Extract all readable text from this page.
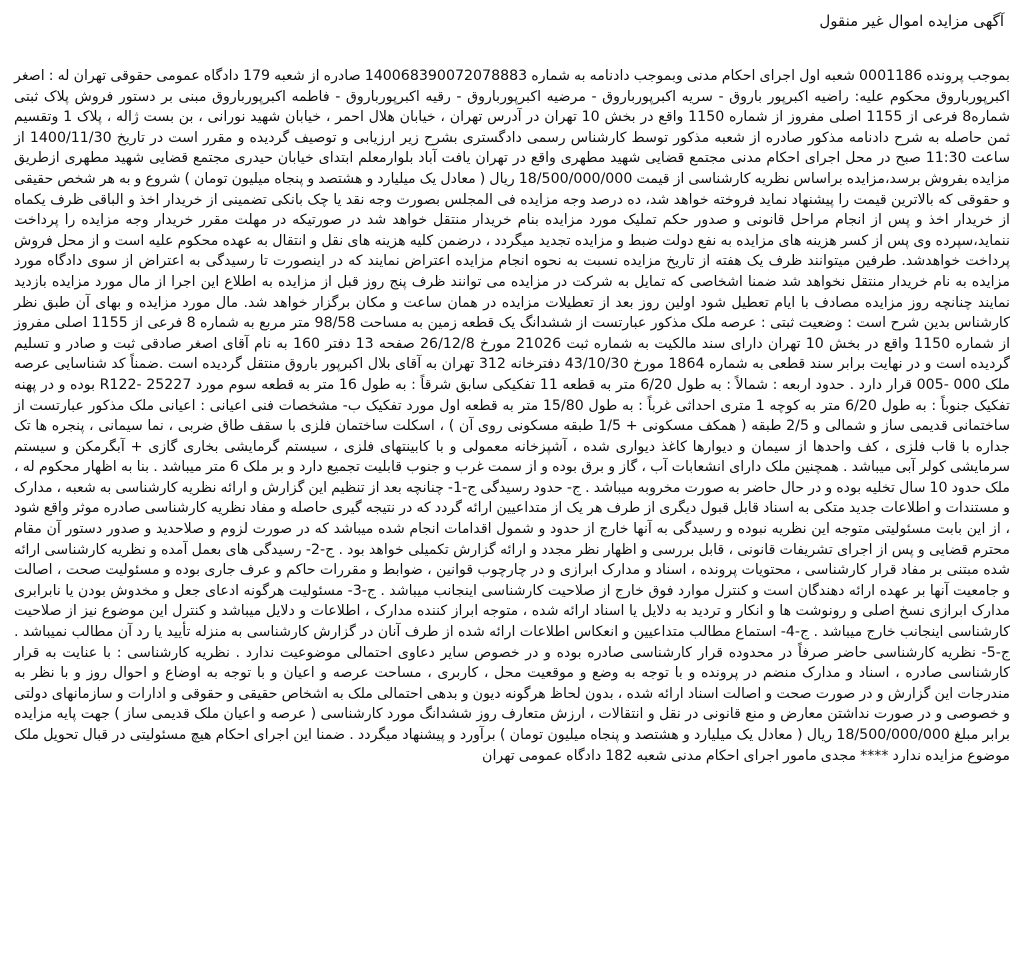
آگهی مزایده اموال غیر منقول

بموجب پرونده 0001186 شعبه اول اجرای احکام مدنی وبموجب دادنامه به شماره 140068390072078883 صادره از شعبه 179 دادگاه عمومی حقوقی تهران له : اصغر اکبرپورباروق محکوم علیه: راضیه اکبرپور باروق - سریه اکبرپورباروق - مرضیه اکبرپورباروق - رقیه اکبرپورباروق - فاطمه اکبرپورباروق مبنی بر دستور فروش پلاک ثبتی شماره8 فرعی از 1155 اصلی مفروز از شماره 1150 واقع در بخش 10 تهران در آدرس تهران ، خیابان هلال احمر ، خیابان شهید نورانی ، بن بست ژاله ، پلاک 1 وتقسیم ثمن حاصله به شرح دادنامه مذکور صادره از شعبه مذکور توسط کارشناس رسمی دادگستری بشرح زیر ارزیابی و توصیف گردیده و مقرر است در تاریخ 1400/11/30 از ساعت 11:30 صبح در محل اجرای احکام مدنی مجتمع قضایی شهید مطهری واقع در تهران یافت آباد بلوارمعلم ابتدای خیابان حیدری مجتمع قضایی شهید مطهری ازطریق مزایده بفروش برسد،مزایده براساس نظریه کارشناسی از قیمت 18/500/000/000 ریال ( معادل یک میلیارد و هشتصد و پنجاه میلیون تومان ) شروع و به هر شخص حقیقی و حقوقی که بالاترین قیمت را پیشنهاد نماید فروخته خواهد شد، ده درصد وجه مزایده فی المجلس بصورت وجه نقد یا چک بانکی تضمینی از خریدار اخذ و الباقی ظرف یکماه از خریدار اخذ و پس از انجام مراحل قانونی و صدور حکم تملیک مورد مزایده بنام خریدار منتقل خواهد شد در صورتیکه در مهلت مقرر خریدار وجه مزایده را پرداخت ننماید،سپرده وی پس از کسر هزینه های مزایده به نفع دولت ضبط و مزایده تجدید میگردد ، درضمن کلیه هزینه های نقل و انتقال به عهده محکوم علیه است و از محل فروش پرداخت خواهدشد. طرفین میتوانند ظرف یک هفته از تاریخ مزایده نسبت به نحوه انجام مزایده اعتراض نمایند که در اینصورت تا رسیدگی به اعتراض از سوی دادگاه مورد مزایده به نام خریدار منتقل نخواهد شد ضمنا اشخاصی که تمایل به شرکت در مزایده می توانند ظرف پنج روز قبل از مزایده به اطلاع این اجرا از مال مورد مزایده بازدید نمایند چنانچه روز مزایده مصادف با ایام تعطیل شود اولین روز بعد از تعطیلات مزایده در همان ساعت و مکان برگزار خواهد شد. مال مورد مزایده و بهای آن طبق نظر کارشناس بدین شرح است : وضعیت ثبتی : عرصه ملک مذکور عبارتست از ششدانگ یک قطعه زمین به مساحت 98/58 متر مربع به شماره 8 فرعی از 1155 اصلی مفروز از شماره 1150 واقع در بخش 10 تهران دارای سند مالکیت به شماره ثبت 21026 مورخ 26/12/8 صفحه 13 دفتر 160 به نام آقای اصغر صادقی ثبت و صادر و تسلیم گردیده است و در نهایت برابر سند قطعی به شماره 1864 مورخ 43/10/30 دفترخانه 312 تهران به آقای بلال اکبرپور باروق منتقل گردیده است .ضمناً کد شناسایی عرصه ملک 000 -005 قرار دارد . حدود اربعه : شمالاً : به طول 6/20 متر به قطعه 11 تفکیکی سابق شرقاً : به طول 16 متر به قطعه سوم مورد R122- 25227 بوده و در پهنه تفکیک جنوباً : به طول 6/20 متر به کوچه 1 متری احداثی غرباً : به طول 15/80 متر به قطعه اول مورد تفکیک ب- مشخصات فنی اعیانی : اعیانی ملک مذکور عبارتست از ساختمانی قدیمی ساز و شمالی و 2/5 طبقه ( همکف مسکونی + 1/5 طبقه مسکونی روی آن ) ، اسکلت ساختمان فلزی با سقف طاق ضربی ، نما سیمانی ، پنجره ها تک جداره با قاب فلزی ، کف واحدها از سیمان و دیوارها کاغذ دیواری شده ، آشپزخانه معمولی و با کابینتهای فلزی ، سیستم گرمایشی بخاری گازی + آبگرمکن و سیستم سرمایشی کولر آبی میباشد . همچنین ملک دارای انشعابات آب ، گاز و برق بوده و از سمت غرب و جنوب قابلیت تجمیع دارد و بر ملک 6 متر میباشد . بنا به اظهار محکوم له ، ملک حدود 10 سال تخلیه بوده و در حال حاضر به صورت مخروبه میباشد . ج- حدود رسیدگی ج-1- چنانچه بعد از تنظیم این گزارش و ارائه نظریه کارشناسی به شعبه ، مدارک و مستندات و اطلاعات جدید متکی به اسناد قابل قبول دیگری از طرف هر یک از متداعیین ارائه گردد که در نتیجه گیری حاصله و مفاد نظریه کارشناسی صادره موثر واقع شود ، از این بابت مسئولیتی متوجه این نظریه نبوده و رسیدگی به آنها خارج از حدود و شمول اقدامات انجام شده میباشد که در صورت لزوم و صلاحدید و صدور دستور آن مقام محترم قضایی و پس از اجرای تشریفات قانونی ، قابل بررسی و اظهار نظر مجدد و ارائه گزارش تکمیلی خواهد بود . ج-2- رسیدگی های بعمل آمده و نظریه کارشناسی ارائه شده مبتنی بر مفاد قرار کارشناسی ، محتویات پرونده ، اسناد و مدارک ابرازی و در چارچوب قوانین ، ضوابط و مقررات حاکم و عرف جاری بوده و مسئولیت صحت ، اصالت و جامعیت آنها بر عهده ارائه دهندگان است و کنترل موارد فوق خارج از صلاحیت کارشناسی اینجانب میباشد . ج-3- مسئولیت هرگونه ادعای جعل و مخدوش بودن یا نابرابری مدارک ابرازی نسخ اصلی و رونوشت ها و انکار و تردید به دلایل یا اسناد ارائه شده ، متوجه ابراز کننده مدارک ، اطلاعات و دلایل میباشد و کنترل این موضوع نیز از صلاحیت کارشناسی اینجانب خارج میباشد . ج-4- استماع مطالب متداعیین و انعکاس اطلاعات ارائه شده از طرف آنان در گزارش کارشناسی به منزله تأیید یا رد آن مطالب نمیباشد . ج-5- نظریه کارشناسی حاضر صرفاً در محدوده قرار کارشناسی صادره بوده و در خصوص سایر دعاوی احتمالی موضوعیت ندارد . نظریه کارشناسی : با عنایت به قرار کارشناسی صادره ، اسناد و مدارک منضم در پرونده و با توجه به وضع و موقعیت محل ، کاربری ، مساحت عرصه و اعیان و با توجه به اوضاع و احوال روز و با نظر به مندرجات این گزارش و در صورت صحت و اصالت اسناد ارائه شده ، بدون لحاظ هرگونه دیون و بدهی احتمالی ملک به اشخاص حقیقی و حقوقی و ادارات و سازمانهای دولتی و خصوصی و در صورت نداشتن معارض و منع قانونی در نقل و انتقالات ، ارزش متعارف روز ششدانگ مورد کارشناسی ( عرصه و اعیان ملک قدیمی ساز ) جهت پایه مزایده برابر مبلغ 18/500/000/000 ریال ( معادل یک میلیارد و هشتصد و پنجاه میلیون تومان ) برآورد و پیشنهاد میگردد . ضمنا این اجرای احکام هیچ مسئولیتی در قبال تحویل ملک موضوع مزایده ندارد **** مجدی مامور اجرای احکام مدنی شعبه 182 دادگاه عمومی تهران
